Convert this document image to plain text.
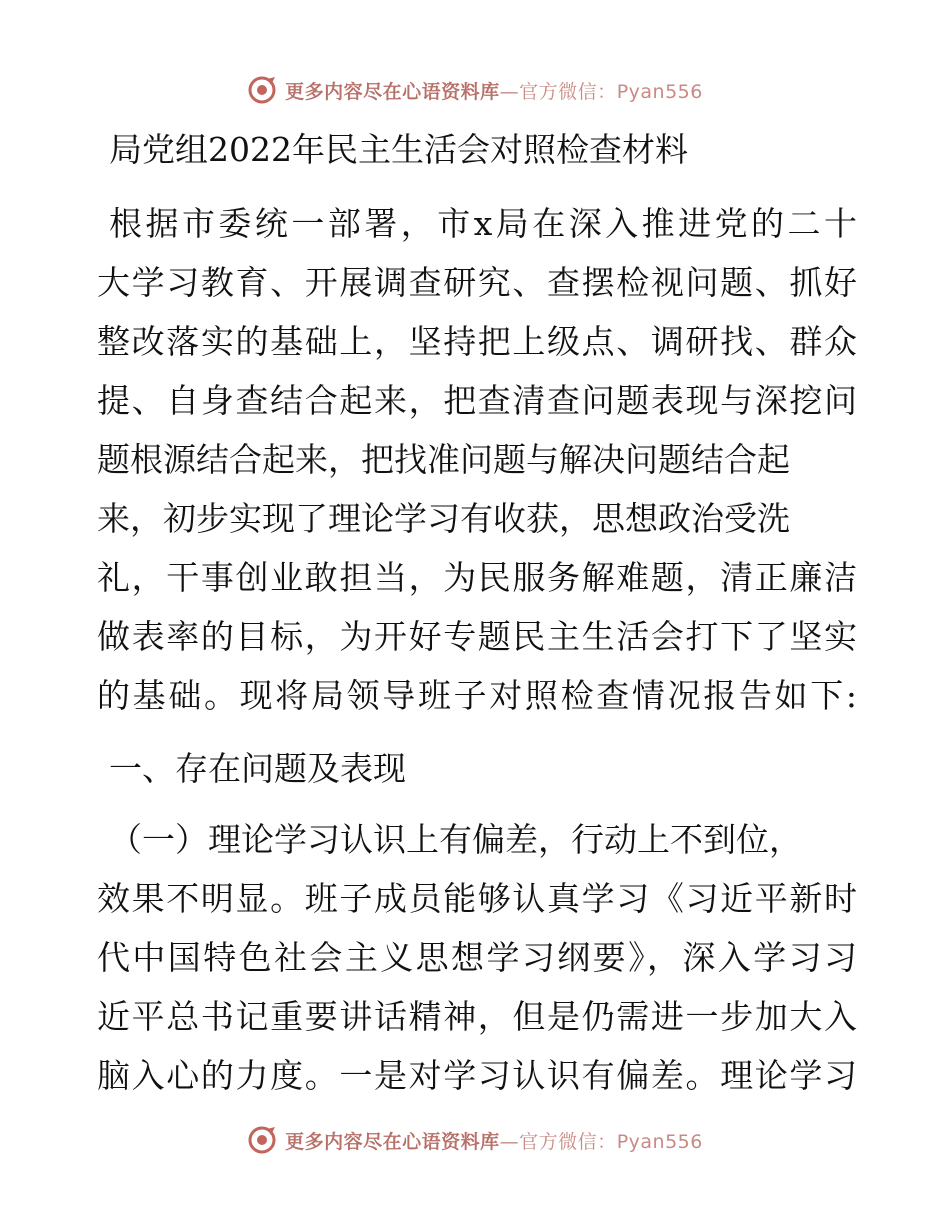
更多内容尽在心语资料库—官方微信：Pyan556
局党组2022年民主生活会对照检查材料
根据市委统一部署，市x局在深入推进党的二十
大学习教育、开展调查研究、查摆检视问题、抓好
整改落实的基础上，坚持把上级点、调研找、群众
提、自身查结合起来，把查清查问题表现与深挖问
题根源结合起来，把找准问题与解决问题结合起
来，初步实现了理论学习有收获，思想政治受洗
礼，干事创业敢担当，为民服务解难题，清正廉洁
做表率的目标，为开好专题民主生活会打下了坚实
的基础。现将局领导班子对照检查情况报告如下:
一、存在问题及表现
（一）理论学习认识上有偏差，行动上不到位，
效果不明显。班子成员能够认真学习《习近平新时
代中国特色社会主义思想学习纲要》，深入学习习
近平总书记重要讲话精神，但是仍需进一步加大入
脑入心的力度。一是对学习认识有偏差。理论学习
更多内容尽在心语资料库—官方微信：Pyan556
